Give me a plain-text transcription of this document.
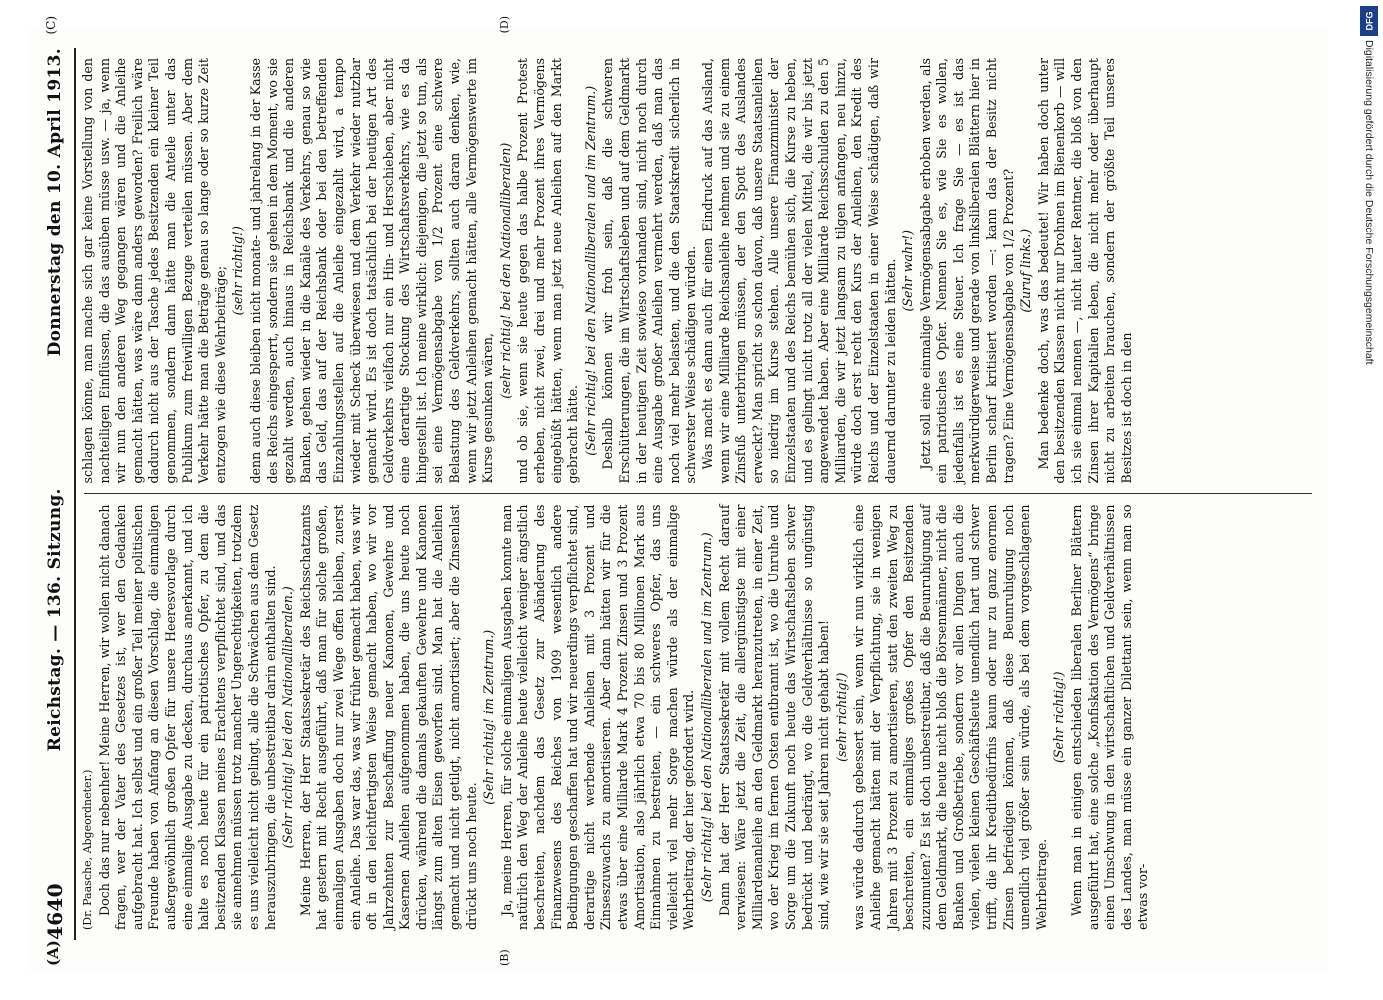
4640
Reichstag. — 136. Sitzung.
Donnerstag den 10. April 1913.
(A)	(B)
(C)	(D)

(Dr. Paasche, Abgeordneter.) Doch das nur nebenher! Meine Herren, wir wollen nicht danach fragen, wer der Vater des Gesetzes ist, wer den Gedanken aufgebracht hat. Ich selbst und ein großer Teil meiner politischen Freunde haben von Anfang an diesen Vorschlag, die einmaligen außergewöhnlich großen Opfer für unsere Heeresvorlage durch eine einmalige Ausgabe zu decken, durchaus anerkannt, und ich halte es noch heute für ein patriotisches Opfer, zu dem die besitzenden Klassen meines Erachtens verpflichtet sind, und das sie annehmen müssen trotz mancher Ungerechtigkeiten, trotzdem es uns vielleicht nicht gelingt, alle die Schwächen aus dem Gesetz herauszubringen, die unbestreitbar darin enthalten sind. (Sehr richtig! bei den Nationalliberalen.) Meine Herren, der Herr Staatssekretär des Reichsschatzamts hat gestern mit Recht ausgeführt, daß man für solche großen, einmaligen Ausgaben doch nur zwei Wege offen bleiben, zuerst ein Anleihe. Das war das, was wir früher gemacht haben, was wir oft in den leichtfertigsten Weise gemacht haben, wo wir vor Jahrzehnten zur Beschaffung neuer Kanonen, Gewehre und Kasernen Anleihen aufgenommen haben, die uns heute noch drücken, während die damals gekauften Gewehre und Kanonen längst zum alten Eisen geworfen sind. Man hat die Anleihen gemacht und nicht getilgt, nicht amortisiert; aber die Zinsenlast drückt uns noch heute.

(Sehr richtig! im Zentrum.) Ja, meine Herren, für solche einmaligen Ausgaben konnte man natürlich den Weg der Anleihe heute vielleicht weniger ängstlich beschreiten, nachdem das Gesetz zur Abänderung des Finanzwesens des Reiches von 1909 wesentlich andere Bedingungen geschaffen hat und wir neuerdings verpflichtet sind, derartige nicht werbende Anleihen mit 3 Prozent und Zinseszuwachs zu amortisieren. Aber dann hätten wir für die etwas über eine Milliarde Mark 4 Prozent Zinsen und 3 Prozent Amortisation, also jährlich etwa 70 bis 80 Millionen Mark aus Einnahmen zu bestreiten, — ein schweres Opfer, das uns vielleicht viel mehr Sorge machen würde als der einmalige Wehrbeitrag, der hier gefordert wird. (Sehr richtig! bei den Nationalliberalen und im Zentrum.) Dann hat der Herr Staatssekretär mit vollem Recht darauf verwiesen: Wäre jetzt die Zeit, die allergünstigste mit einer Milliardenanleihe an den Geldmarkt heranzutreten, in einer Zeit, wo der Krieg im fernen Osten entbrannt ist, wo die Unruhe und Sorge um die Zukunft noch heute das Wirtschaftsleben schwer bedrückt und bedrängt, wo die Geldverhältnisse so ungünstig sind, wie wir sie seit Jahren nicht gehabt haben! (sehr richtig!) was würde dadurch gebessert sein, wenn wir nun wirklich eine Anleihe gemacht hätten mit der Verpflichtung, sie in wenigen Jahren mit 3 Prozent zu amortisieren, statt den zweiten Weg zu beschreiten, ein einmaliges großes Opfer den Besitzenden zuzumuten? Es ist doch unbestreitbar, daß die Beunruhigung auf dem Geldmarkt, die heute nicht bloß die Börsenmänner, nicht die Banken und Großbetriebe, sondern vor allen Dingen auch die vielen, vielen kleinen Geschäftsleute unendlich hart und schwer trifft, die ihr Kreditbedürfnis kaum oder nur zu ganz enormen Zinsen befriedigen können, daß diese Beunruhigung noch unendlich viel größer sein würde, als bei dem vorgeschlagenen Wehrbeitrage.

(Sehr richtig!) Wenn man in einigen entschieden liberalen Berliner Blättern ausgeführt hat, eine solche „Konfiskation des Vermögens“ bringe einen Umschwung in den wirtschaftlichen und Geldverhältnissen des Landes, man müsse ein ganzer Dilettant sein, wenn man so etwas vor-

schlagen könne, man mache sich gar keine Vorstellung von den nachteiligen Einflüssen, die das ausüben müsse usw. — ja, wenn wir nun den anderen Weg gegangen wären und die Anleihe gemacht hätten, was wäre dann anders geworden? Freilich wäre dadurch nicht aus der Tasche jedes Besitzenden ein kleiner Teil genommen, sondern dann hätte man die Anteile unter das Publikum zum freiwilligen Bezuge verteilen müssen. Aber dem Verkehr hätte man die Beträge genau so lange oder so kurze Zeit entzogen wie diese Wehrbeiträge; (sehr richtig!) denn auch diese bleiben nicht monate- und jahrelang in der Kasse des Reichs eingesperrt, sondern sie gehen in dem Moment, wo sie gezahlt werden, auch hinaus in Reichsbank und die anderen Banken, gehen wieder in die Kanäle des Verkehrs, genau so wie das Geld, das auf der Reichsbank oder bei den betreffenden Einzahlungsstellen auf die Anleihe eingezahlt wird, a tempo wieder mit Scheck überwiesen und dem Verkehr wieder nutzbar gemacht wird. Es ist doch tatsächlich bei der heutigen Art des Geldverkehrs vielfach nur ein Hin- und Herschieben, aber nicht eine derartige Stockung des Wirtschaftsverkehrs, wie es da hingestellt ist. Ich meine wirklich: diejenigen, die jetzt so tun, als sei eine Vermögensabgabe von 1/2 Prozent eine schwere Belastung des Geldverkehrs, sollten auch daran denken, wie, wenn wir jetzt Anleihen gemacht hätten, alle Vermögenswerte im Kurse gesunken wären,

(sehr richtig! bei den Nationalliberalen) und ob sie, wenn sie heute gegen das halbe Prozent Protest erheben, nicht zwei, drei und mehr Prozent ihres Vermögens eingebüßt hätten, wenn man jetzt neue Anleihen auf den Markt gebracht hätte. (Sehr richtig! bei den Nationalliberalen und im Zentrum.) Deshalb können wir froh sein, daß die schweren Erschütterungen, die im Wirtschaftsleben und auf dem Geldmarkt in der heutigen Zeit sowieso vorhanden sind, nicht noch durch eine Ausgabe großer Anleihen vermehrt werden, daß man das noch viel mehr belasten, und die den Staatskredit sicherlich in schwerster Weise schädigen würden. Was macht es dann auch für einen Eindruck auf das Ausland, wenn wir eine Milliarde Reichsanleihe nehmen und sie zu einem Zinsfuß unterbringen müssen, der den Spott des Auslandes erweckt? Man spricht so schon davon, daß unsere Staatsanleihen so niedrig im Kurse stehen. Alle unsere Finanzminister der Einzelstaaten und des Reichs bemühen sich, die Kurse zu heben, und es gelingt nicht trotz all der vielen Mittel, die wir bis jetzt angewendet haben. Aber eine Milliarde Reichsschulden zu den 5 Milliarden, die wir jetzt langsam zu tilgen anfangen, neu hinzu, würde doch erst recht den Kurs der Anleihen, den Kredit des Reichs und der Einzelstaaten in einer Weise schädigen, daß wir dauernd darunter zu leiden hätten. (Sehr wahr!) Jetzt soll eine einmalige Vermögensabgabe erhoben werden, als ein patriotisches Opfer. Nennen Sie es, wie Sie es wollen, jedenfalls ist es eine Steuer. Ich frage Sie — es ist das merkwürdigerweise und gerade von linksliberalen Blättern hier in Berlin scharf kritisiert worden —: kann das der Besitz nicht tragen? Eine Vermögensabgabe von 1/2 Prozent? (Zuruf links.) Man bedenke doch, was das bedeutet! Wir haben doch unter den besitzenden Klassen nicht nur Drohnen im Bienenkorb — will ich sie einmal nennen —, nicht lauter Rentner, die bloß von den Zinsen ihrer Kapitalien leben, die nicht mehr oder überhaupt nicht zu arbeiten brauchen, sondern der größte Teil unseres Besitzes ist doch in den

DFG
Digitalisierung gefördert durch die Deutsche Forschungsgemeinschaft
